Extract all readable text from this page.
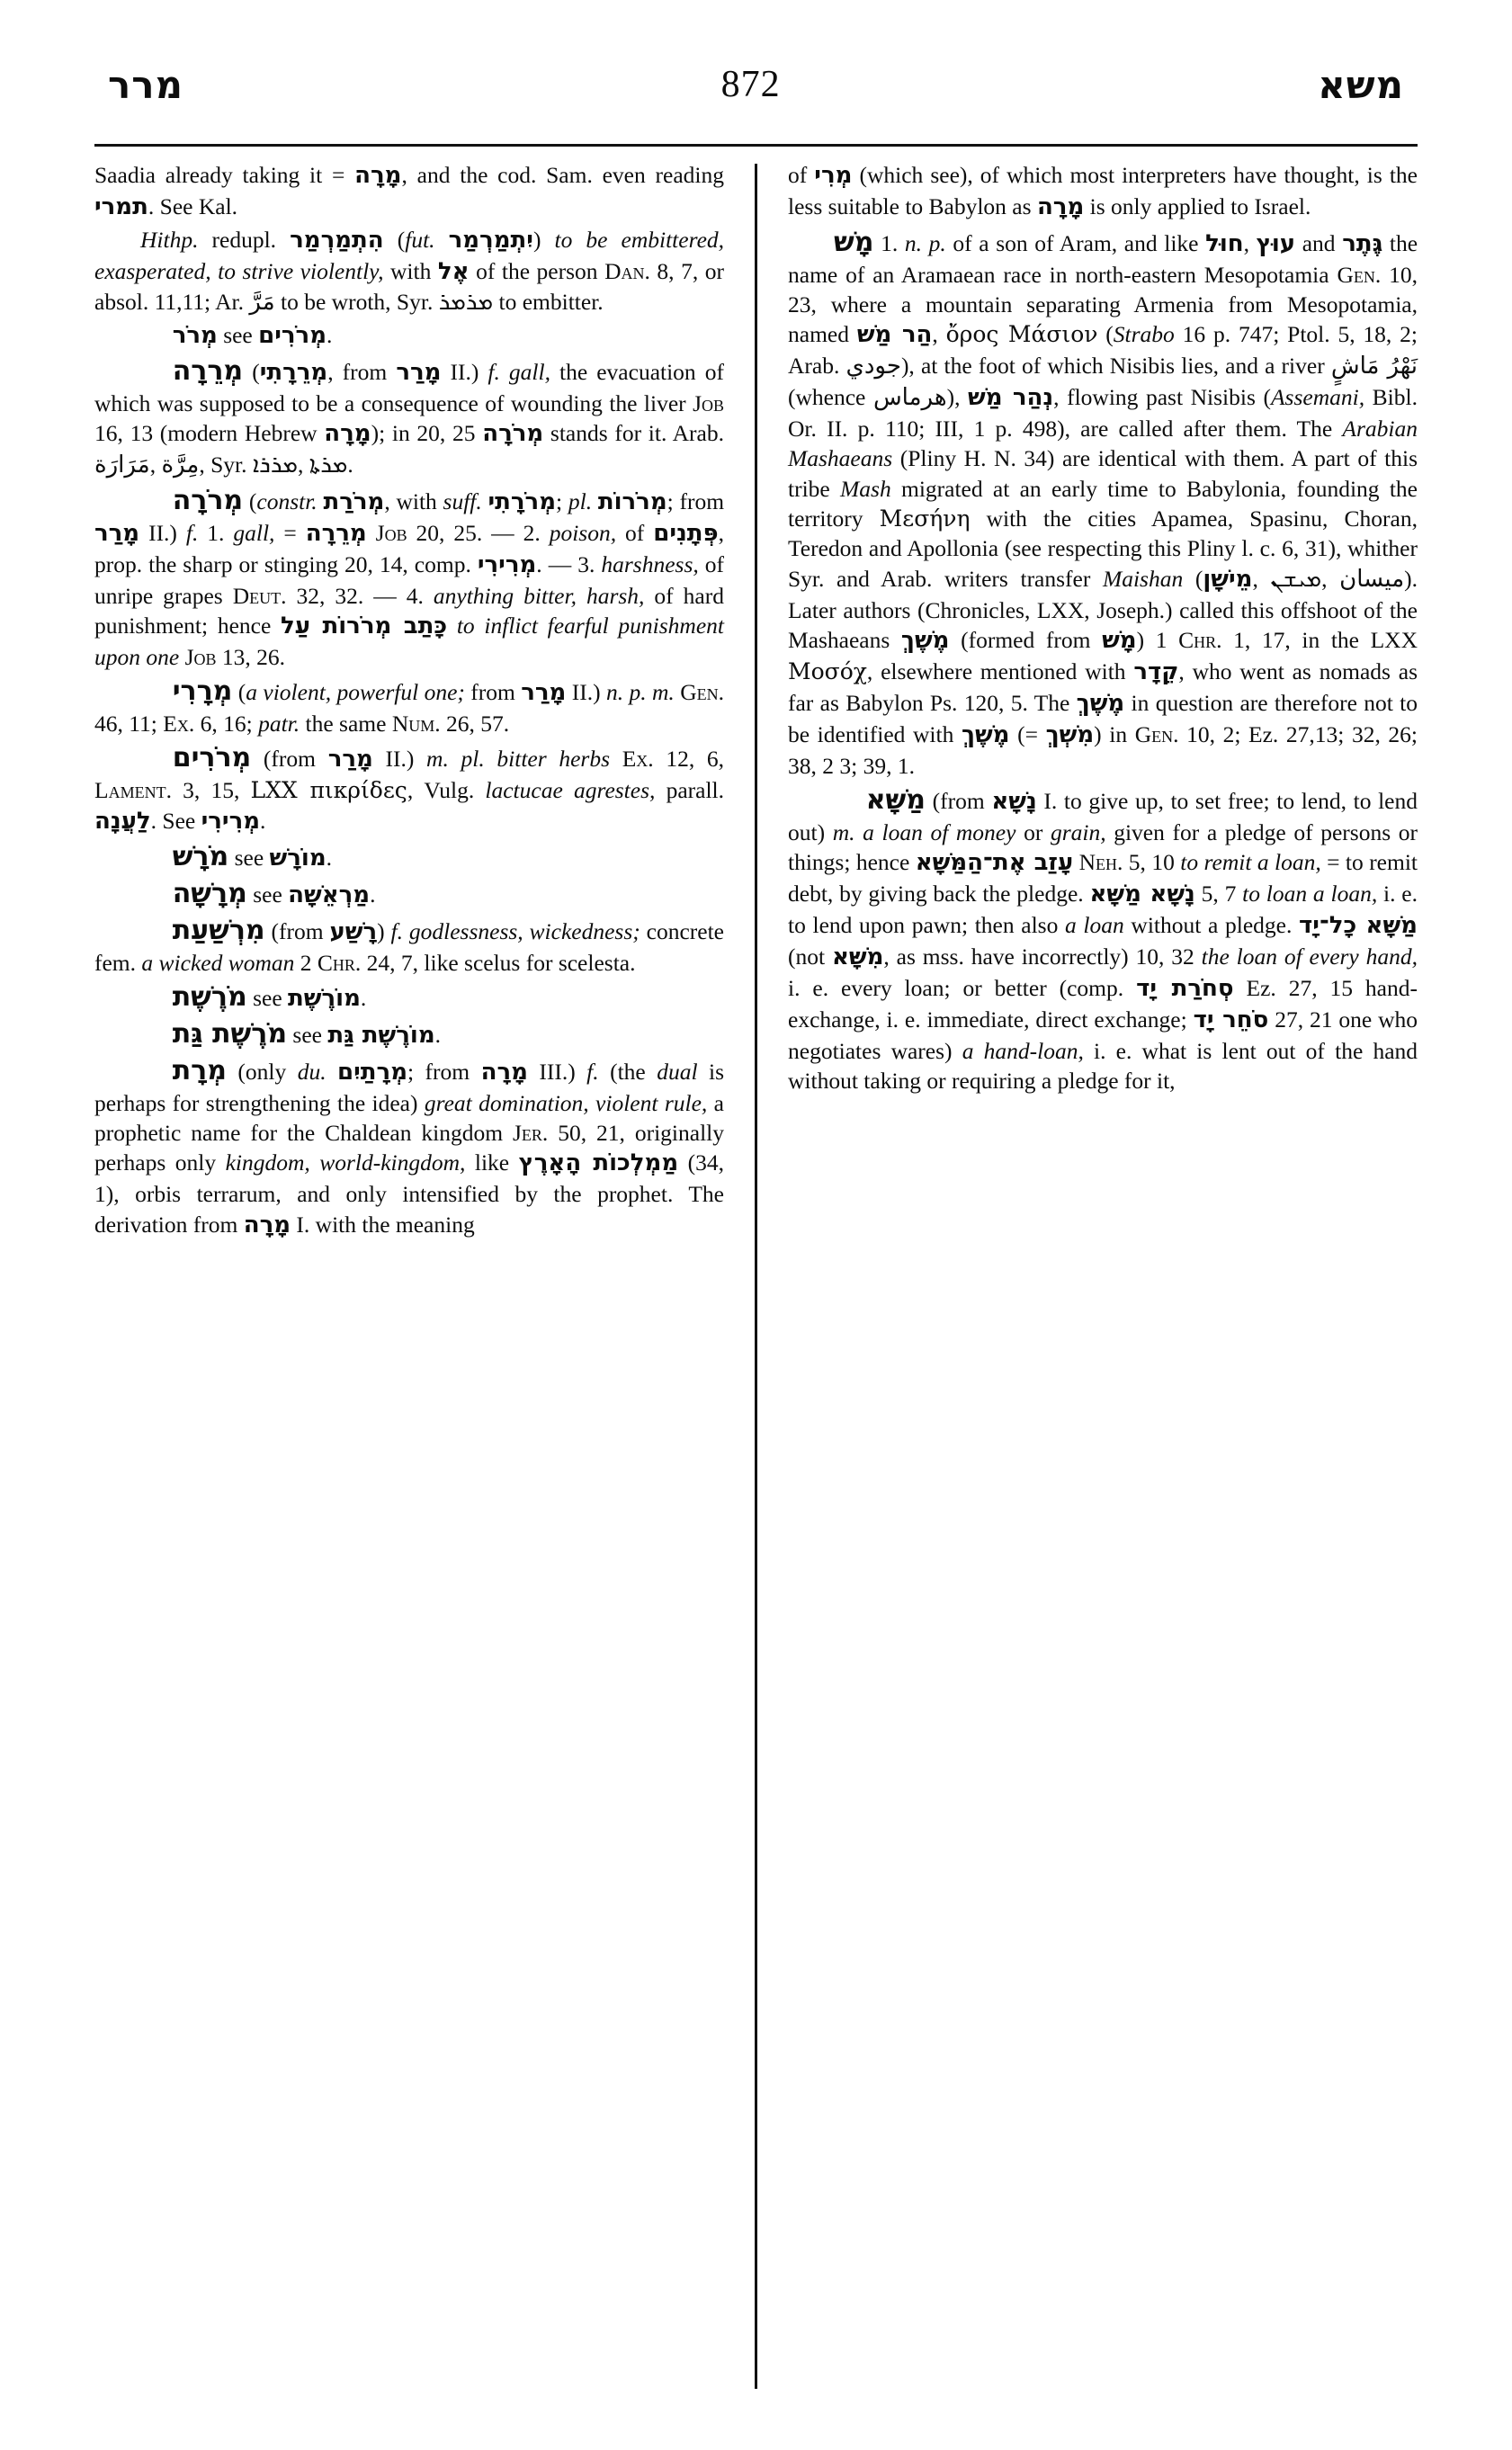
מרר	872	משא

Saadia already taking it = מָרָה, and the cod. Sam. even reading תמרי. See Kal.

Hithp. redupl. הִתְמַרְמַר (fut. יִתְמַרְמַר) to be embittered, exasperated, to strive violently, with אֶל of the person Dan. 8, 7, or absol. 11,11; Ar. مَرَّ to be wroth, Syr. ܡܪܡܪ to embitter.

מְרֹר see מְרֹרִים.

מְרֵרָה (מְרֵרָתִי, from מָרַר II.) f. gall, the evacuation of which was supposed to be a consequence of wounding the liver Job 16, 13 (modern Hebrew מָרָה); in 20, 25 מְרֹרָה stands for it. Arab. مَرَارَة, مِرَّة, Syr. ܡܪܪܐ, ܡܪܬܐ.

מְרֹרָה (constr. מְרֹרַת, with suff. מְרֹרָתִי; pl. מְרֹרוֹת; from מָרַר II.) f. 1. gall, = מְרֵרָה Job 20, 25. — 2. poison, of פְּתָנִים, prop. the sharp or stinging 20, 14, comp. מְרִירִי. — 3. harshness, of unripe grapes Deut. 32, 32. — 4. anything bitter, harsh, of hard punishment; hence כָּתַב מְרֹרוֹת עַל to inflict fearful punishment upon one Job 13, 26.

מְרָרִי (a violent, powerful one; from מָרַר II.) n. p. m. Gen. 46, 11; Ex. 6, 16; patr. the same Num. 26, 57.

מְרֹרִים (from מָרַר II.) m. pl. bitter herbs Ex. 12, 6, Lament. 3, 15, LXX πικρίδες, Vulg. lactucae agrestes, parall. לַעֲנָה. See מְרִירִי.

מֹרָשׁ see מוֹרָשׁ.

מְרָשָׁה see מַרְאֵשָׁה.

מִרְשַׁעַת (from רָשַׁע) f. godlessness, wickedness; concrete fem. a wicked woman 2 Chr. 24, 7, like scelus for scelesta.

מֹרֶשֶׁת see מוֹרֶשֶׁת.

מֹרֶשֶׁת גַּת see מוֹרֶשֶׁת גַּת.

מְרָת (only du. מְרָתַיִם; from מָרָה III.) f. (the dual is perhaps for strengthening the idea) great domination, violent rule, a prophetic name for the Chaldean kingdom Jer. 50, 21, originally perhaps only kingdom, world-kingdom, like מַמְלְכוֹת הָאָרֶץ (34, 1), orbis terrarum, and only intensified by the prophet. The derivation from מָרָה I. with the meaning

of מְרִי (which see), of which most interpreters have thought, is the less suitable to Babylon as מָרָה is only applied to Israel.

מָשׁ 1. n. p. of a son of Aram, and like חוּל, עוּץ and גֶּתֶר the name of an Aramaean race in north-eastern Mesopotamia Gen. 10, 23, where a mountain separating Armenia from Mesopotamia, named הַר מַשׁ, ὄρος Μάσιον (Strabo 16 p. 747; Ptol. 5, 18, 2; Arab. جودي), at the foot of which Nisibis lies, and a river نَهْرُ مَاشٍ (whence هرماس), נְהַר מַשׁ, flowing past Nisibis (Assemani, Bibl. Or. II. p. 110; III, 1 p. 498), are called after them. The Arabian Mashaeans (Pliny H. N. 34) are identical with them. A part of this tribe Mash migrated at an early time to Babylonia, founding the territory Μεσήνη with the cities Apamea, Spasinu, Choran, Teredon and Apollonia (see respecting this Pliny l. c. 6, 31), whither Syr. and Arab. writers transfer Maishan (מֵישָׁן, ܡܝܫܢ, ميسان). Later authors (Chronicles, LXX, Joseph.) called this offshoot of the Mashaeans מֶשֶׁךְ (formed from מָשׁ) 1 Chr. 1, 17, in the LXX Μοσόχ, elsewhere mentioned with קֵדָר, who went as nomads as far as Babylon Ps. 120, 5. The מֶשֶׁךְ in question are therefore not to be identified with מֶשֶׁךְ (= מִשְׁךְ) in Gen. 10, 2; Ez. 27,13; 32, 26; 38, 2 3; 39, 1.

מַשָּׁא (from נָשָׁא I. to give up, to set free; to lend, to lend out) m. a loan of money or grain, given for a pledge of persons or things; hence עָזַב אֶת־הַמַּשָּׁא Neh. 5, 10 to remit a loan, = to remit debt, by giving back the pledge. נָשָׁא מַשָּׁא 5, 7 to loan a loan, i. e. to lend upon pawn; then also a loan without a pledge. מַשָּׁא כָל־יָד (not מִשָּׁא, as mss. have incorrectly) 10, 32 the loan of every hand, i. e. every loan; or better (comp. סְחֹרַת יָד Ez. 27, 15 hand-exchange, i. e. immediate, direct exchange; סֹחֵר יָד 27, 21 one who negotiates wares) a hand-loan, i. e. what is lent out of the hand without taking or requiring a pledge for it,
